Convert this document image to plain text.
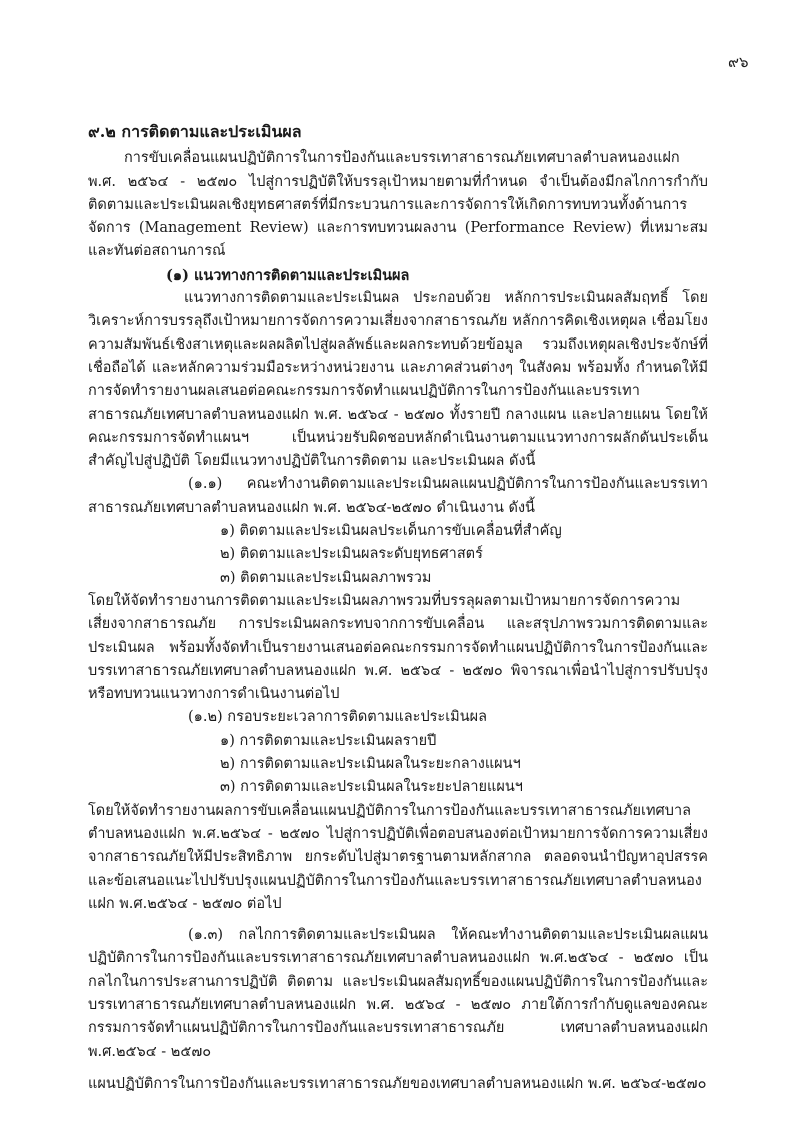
๙๖
๙.๒ การติดตามและประเมินผล

การขับเคลื่อนแผนปฏิบัติการในการป้องกันและบรรเทาสาธารณภัยเทศบาลตำบลหนองแฝก พ.ศ. ๒๕๖๔ - ๒๕๗๐ ไปสู่การปฏิบัติให้บรรลุเป้าหมายตามที่กำหนด จำเป็นต้องมีกลไกการกำกับ ติดตามและประเมินผลเชิงยุทธศาสตร์ที่มีกระบวนการและการจัดการให้เกิดการทบทวนทั้งด้านการจัดการ (Management Review) และการทบทวนผลงาน (Performance Review) ที่เหมาะสมและทันต่อสถานการณ์

(๑) แนวทางการติดตามและประเมินผล

แนวทางการติดตามและประเมินผล ประกอบด้วย หลักการประเมินผลสัมฤทธิ์ โดยวิเคราะห์การบรรลุถึงเป้าหมายการจัดการความเสี่ยงจากสาธารณภัย หลักการคิดเชิงเหตุผล เชื่อมโยงความสัมพันธ์เชิงสาเหตุและผลผลิตไปสู่ผลลัพธ์และผลกระทบด้วยข้อมูล รวมถึงเหตุผลเชิงประจักษ์ที่เชื่อถือได้ และหลักความร่วมมือระหว่างหน่วยงาน และภาคส่วนต่างๆ ในสังคม พร้อมทั้ง กำหนดให้มีการจัดทำรายงานผลเสนอต่อคณะกรรมการจัดทำแผนปฏิบัติการในการป้องกันและบรรเทาสาธารณภัยเทศบาลตำบลหนองแฝก พ.ศ. ๒๕๖๔ - ๒๕๗๐ ทั้งรายปี กลางแผน และปลายแผน โดยให้คณะกรรมการจัดทำแผนฯ เป็นหน่วยรับผิดชอบหลักดำเนินงานตามแนวทางการผลักดันประเด็นสำคัญไปสู่ปฏิบัติ โดยมีแนวทางปฏิบัติในการติดตาม และประเมินผล ดังนี้

(๑.๑) คณะทำงานติดตามและประเมินผลแผนปฏิบัติการในการป้องกันและบรรเทาสาธารณภัยเทศบาลตำบลหนองแฝก พ.ศ. ๒๕๖๔-๒๕๗๐ ดำเนินงาน ดังนี้

๑) ติดตามและประเมินผลประเด็นการขับเคลื่อนที่สำคัญ
๒) ติดตามและประเมินผลระดับยุทธศาสตร์
๓) ติดตามและประเมินผลภาพรวม

โดยให้จัดทำรายงานการติดตามและประเมินผลภาพรวมที่บรรลุผลตามเป้าหมายการจัดการความเสี่ยงจากสาธารณภัย การประเมินผลกระทบจากการขับเคลื่อน และสรุปภาพรวมการติดตามและประเมินผล พร้อมทั้งจัดทำเป็นรายงานเสนอต่อคณะกรรมการจัดทำแผนปฏิบัติการในการป้องกันและบรรเทาสาธารณภัยเทศบาลตำบลหนองแฝก พ.ศ. ๒๕๖๔ - ๒๕๗๐ พิจารณาเพื่อนำไปสู่การปรับปรุงหรือทบทวนแนวทางการดำเนินงานต่อไป

(๑.๒) กรอบระยะเวลาการติดตามและประเมินผล
๑) การติดตามและประเมินผลรายปี
๒) การติดตามและประเมินผลในระยะกลางแผนฯ
๓) การติดตามและประเมินผลในระยะปลายแผนฯ

โดยให้จัดทำรายงานผลการขับเคลื่อนแผนปฏิบัติการในการป้องกันและบรรเทาสาธารณภัยเทศบาลตำบลหนองแฝก พ.ศ.๒๕๖๔ - ๒๕๗๐ ไปสู่การปฏิบัติเพื่อตอบสนองต่อเป้าหมายการจัดการความเสี่ยงจากสาธารณภัยให้มีประสิทธิภาพ ยกระดับไปสู่มาตรฐานตามหลักสากล ตลอดจนนำปัญหาอุปสรรคและข้อเสนอแนะไปปรับปรุงแผนปฏิบัติการในการป้องกันและบรรเทาสาธารณภัยเทศบาลตำบลหนองแฝก พ.ศ.๒๕๖๔ - ๒๕๗๐ ต่อไป

(๑.๓) กลไกการติดตามและประเมินผล ให้คณะทำงานติดตามและประเมินผลแผนปฏิบัติการในการป้องกันและบรรเทาสาธารณภัยเทศบาลตำบลหนองแฝก พ.ศ.๒๕๖๔ - ๒๕๗๐ เป็นกลไกในการประสานการปฏิบัติ ติดตาม และประเมินผลสัมฤทธิ์ของแผนปฏิบัติการในการป้องกันและบรรเทาสาธารณภัยเทศบาลตำบลหนองแฝก พ.ศ. ๒๕๖๔ - ๒๕๗๐ ภายใต้การกำกับดูแลของคณะกรรมการจัดทำแผนปฏิบัติการในการป้องกันและบรรเทาสาธารณภัย เทศบาลตำบลหนองแฝก พ.ศ.๒๕๖๔ - ๒๕๗๐

แผนปฏิบัติการในการป้องกันและบรรเทาสาธารณภัยของเทศบาลตำบลหนองแฝก พ.ศ. ๒๕๖๔-๒๕๗๐
